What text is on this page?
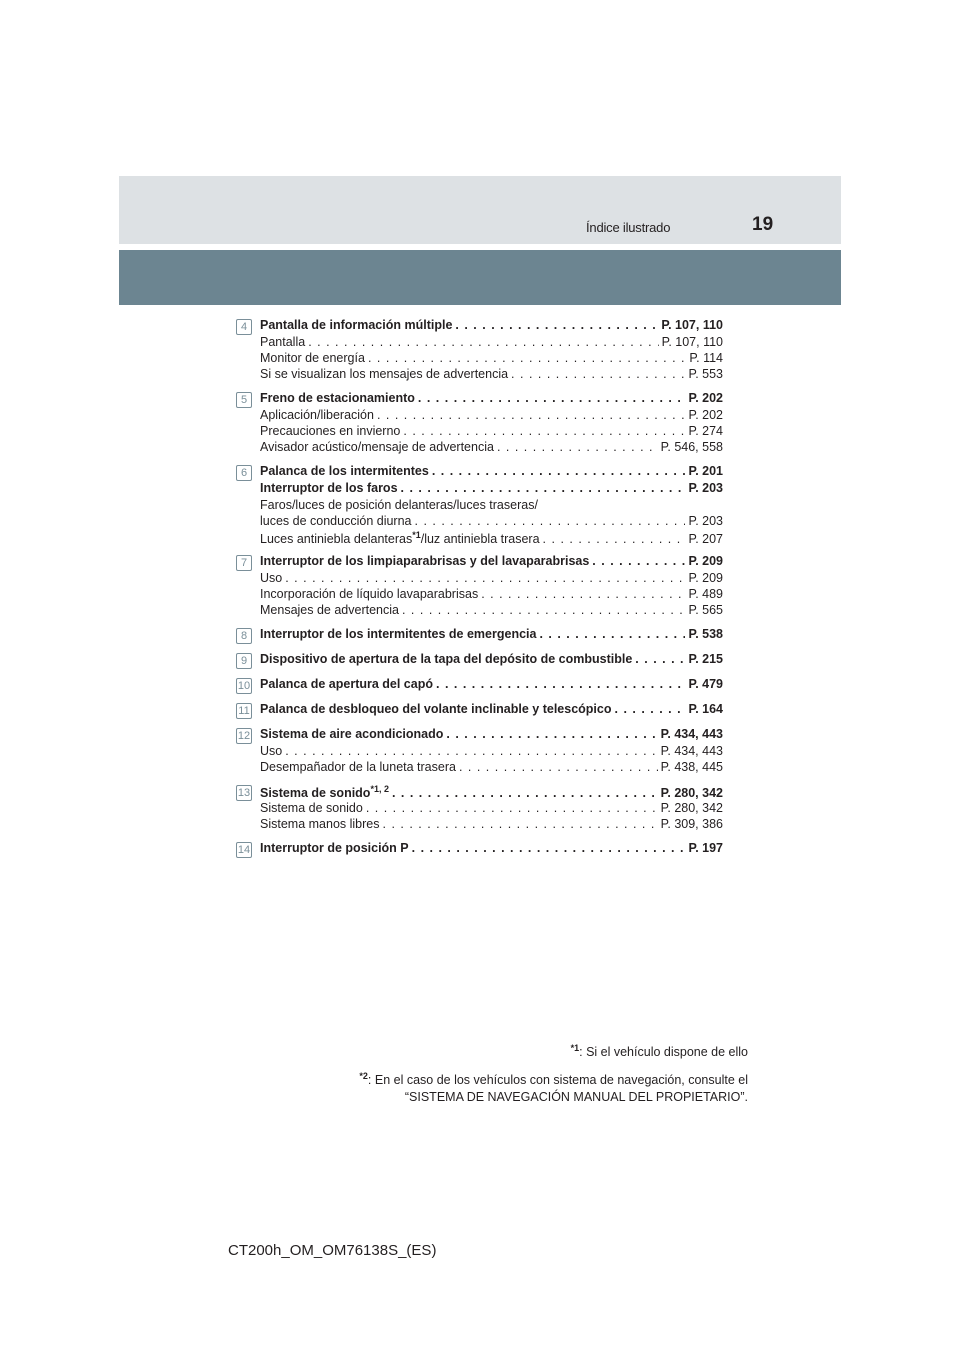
Índice ilustrado	19
4	Pantalla de información múltiple . . .	P. 107, 110
Pantalla . . .	P. 107, 110
Monitor de energía . . .	P. 114
Si se visualizan los mensajes de advertencia . . .	P. 553
5	Freno de estacionamiento . . .	P. 202
Aplicación/liberación . . .	P. 202
Precauciones en invierno . . .	P. 274
Avisador acústico/mensaje de advertencia . . .	P. 546, 558
6	Palanca de los intermitentes . . .	P. 201
Interruptor de los faros . . .	P. 203
Faros/luces de posición delanteras/luces traseras/
luces de conducción diurna . . .	P. 203
Luces antiniebla delanteras$^{*1}$/luz antiniebla trasera . . .	P. 207
7	Interruptor de los limpiaparabrisas y del lavaparabrisas . . .	P. 209
Uso . . .	P. 209
Incorporación de líquido lavaparabrisas . . .	P. 489
Mensajes de advertencia . . .	P. 565
8	Interruptor de los intermitentes de emergencia . . .	P. 538
9	Dispositivo de apertura de la tapa del depósito de combustible . . .	P. 215
10 Palanca de apertura del capó . . .	P. 479
11 Palanca de desbloqueo del volante inclinable y telescópico . . .	P. 164
12 Sistema de aire acondicionado . . .	P. 434, 443
Uso . . .	P. 434, 443
Desempañador de la luneta trasera . . .	P. 438, 445
13 Sistema de sonido$^{*1, 2}$ . . .	P. 280, 342
Sistema de sonido . . .	P. 280, 342
Sistema manos libres . . .	P. 309, 386
14 Interruptor de posición P . . .	P. 197

$^{*1}$: Si el vehículo dispone de ello

$^{*2}$: En el caso de los vehículos con sistema de navegación, consulte el
“SISTEMA DE NAVEGACIÓN MANUAL DEL PROPIETARIO”.

CT200h_OM_OM76138S_(ES)
